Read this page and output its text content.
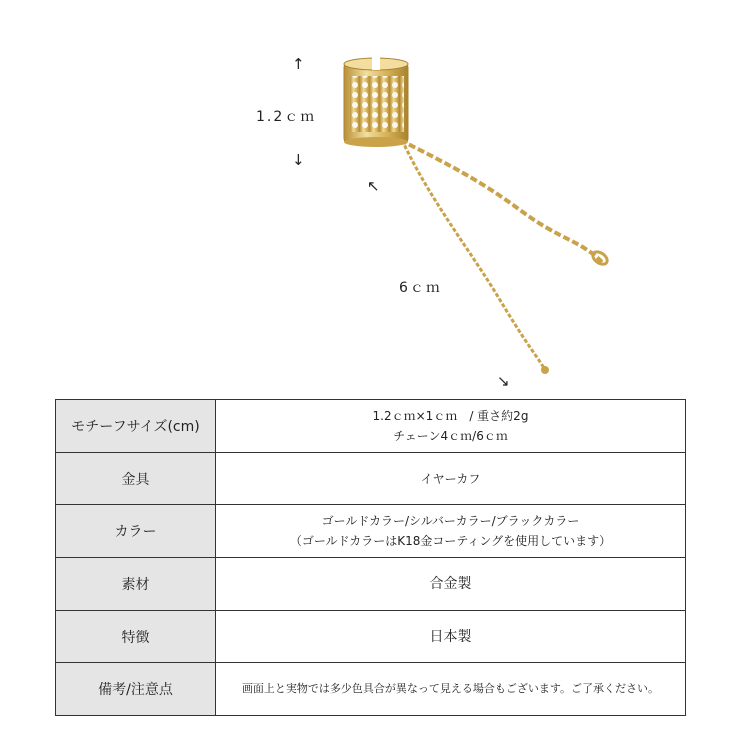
↑
1.2ｃｍ
↓
↖
6ｃｍ
↘
モチーフサイズ(cm)	1.2ｃｍ×1ｃｍ　/ 重さ約2g
チェーン4ｃｍ/6ｃｍ

金具	イヤーカフ

カラー	ゴールドカラー/シルバーカラー/ブラックカラー
（ゴールドカラーはK18金コーティングを使用しています）

素材	合金製

特徴	日本製

備考/注意点	画面上と実物では多少色具合が異なって見える場合もございます。ご了承ください。
